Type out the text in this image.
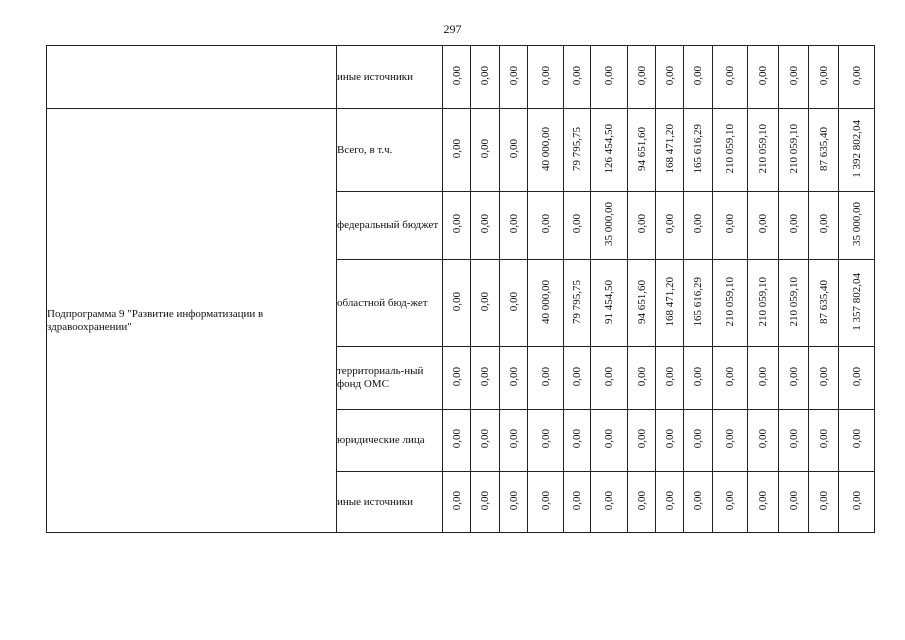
297
	иные источники	0,00	0,00	0,00	0,00	0,00	0,00	0,00	0,00	0,00	0,00	0,00	0,00	0,00	0,00
Подпрограмма 9 "Развитие информатизации в здравоохранении"	Всего, в т.ч.	0,00	0,00	0,00	40 000,00	79 795,75	126 454,50	94 651,60	168 471,20	165 616,29	210 059,10	210 059,10	210 059,10	87 635,40	1 392 802,04
	федеральный бюджет	0,00	0,00	0,00	0,00	0,00	35 000,00	0,00	0,00	0,00	0,00	0,00	0,00	0,00	35 000,00
	областной бюд-жет	0,00	0,00	0,00	40 000,00	79 795,75	91 454,50	94 651,60	168 471,20	165 616,29	210 059,10	210 059,10	210 059,10	87 635,40	1 357 802,04
	территориаль-ный фонд ОМС	0,00	0,00	0,00	0,00	0,00	0,00	0,00	0,00	0,00	0,00	0,00	0,00	0,00	0,00
	юридические лица	0,00	0,00	0,00	0,00	0,00	0,00	0,00	0,00	0,00	0,00	0,00	0,00	0,00	0,00
	иные источники	0,00	0,00	0,00	0,00	0,00	0,00	0,00	0,00	0,00	0,00	0,00	0,00	0,00	0,00
